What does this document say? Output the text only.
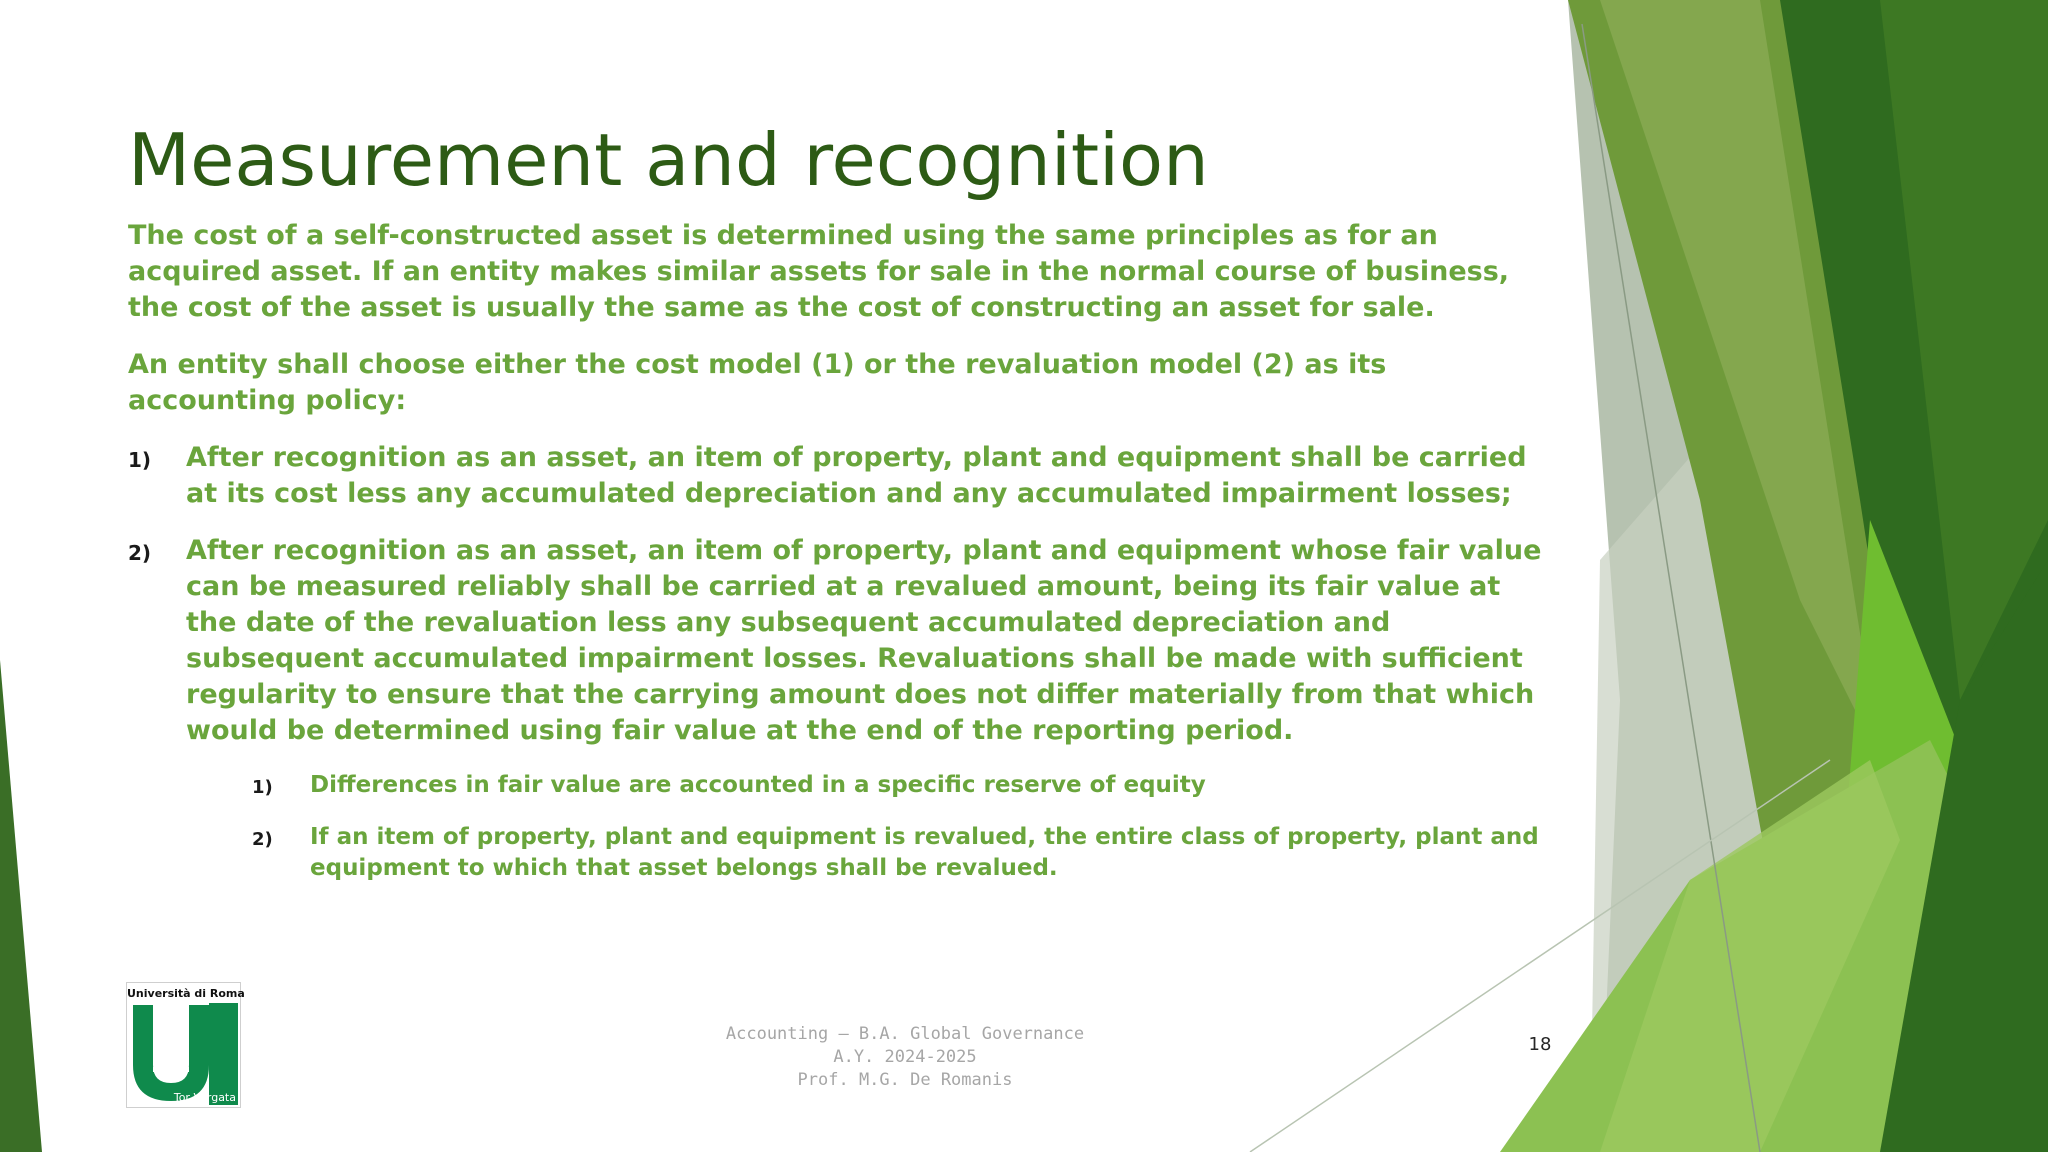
Measurement and recognition

The cost of a self-constructed asset is determined using the same principles as for an acquired asset. If an entity makes similar assets for sale in the normal course of business, the cost of the asset is usually the same as the cost of constructing an asset for sale.

An entity shall choose either the cost model (1) or the revaluation model (2) as its accounting policy:

1) After recognition as an asset, an item of property, plant and equipment shall be carried at its cost less any accumulated depreciation and any accumulated impairment losses;
2) After recognition as an asset, an item of property, plant and equipment whose fair value can be measured reliably shall be carried at a revalued amount, being its fair value at the date of the revaluation less any subsequent accumulated depreciation and subsequent accumulated impairment losses. Revaluations shall be made with sufficient regularity to ensure that the carrying amount does not differ materially from that which would be determined using fair value at the end of the reporting period.
1) Differences in fair value are accounted in a specific reserve of equity
2) If an item of property, plant and equipment is revalued, the entire class of property, plant and equipment to which that asset belongs shall be revalued.
Università di Roma
Tor Vergata
Accounting – B.A. Global Governance
A.Y. 2024-2025
Prof. M.G. De Romanis
18
